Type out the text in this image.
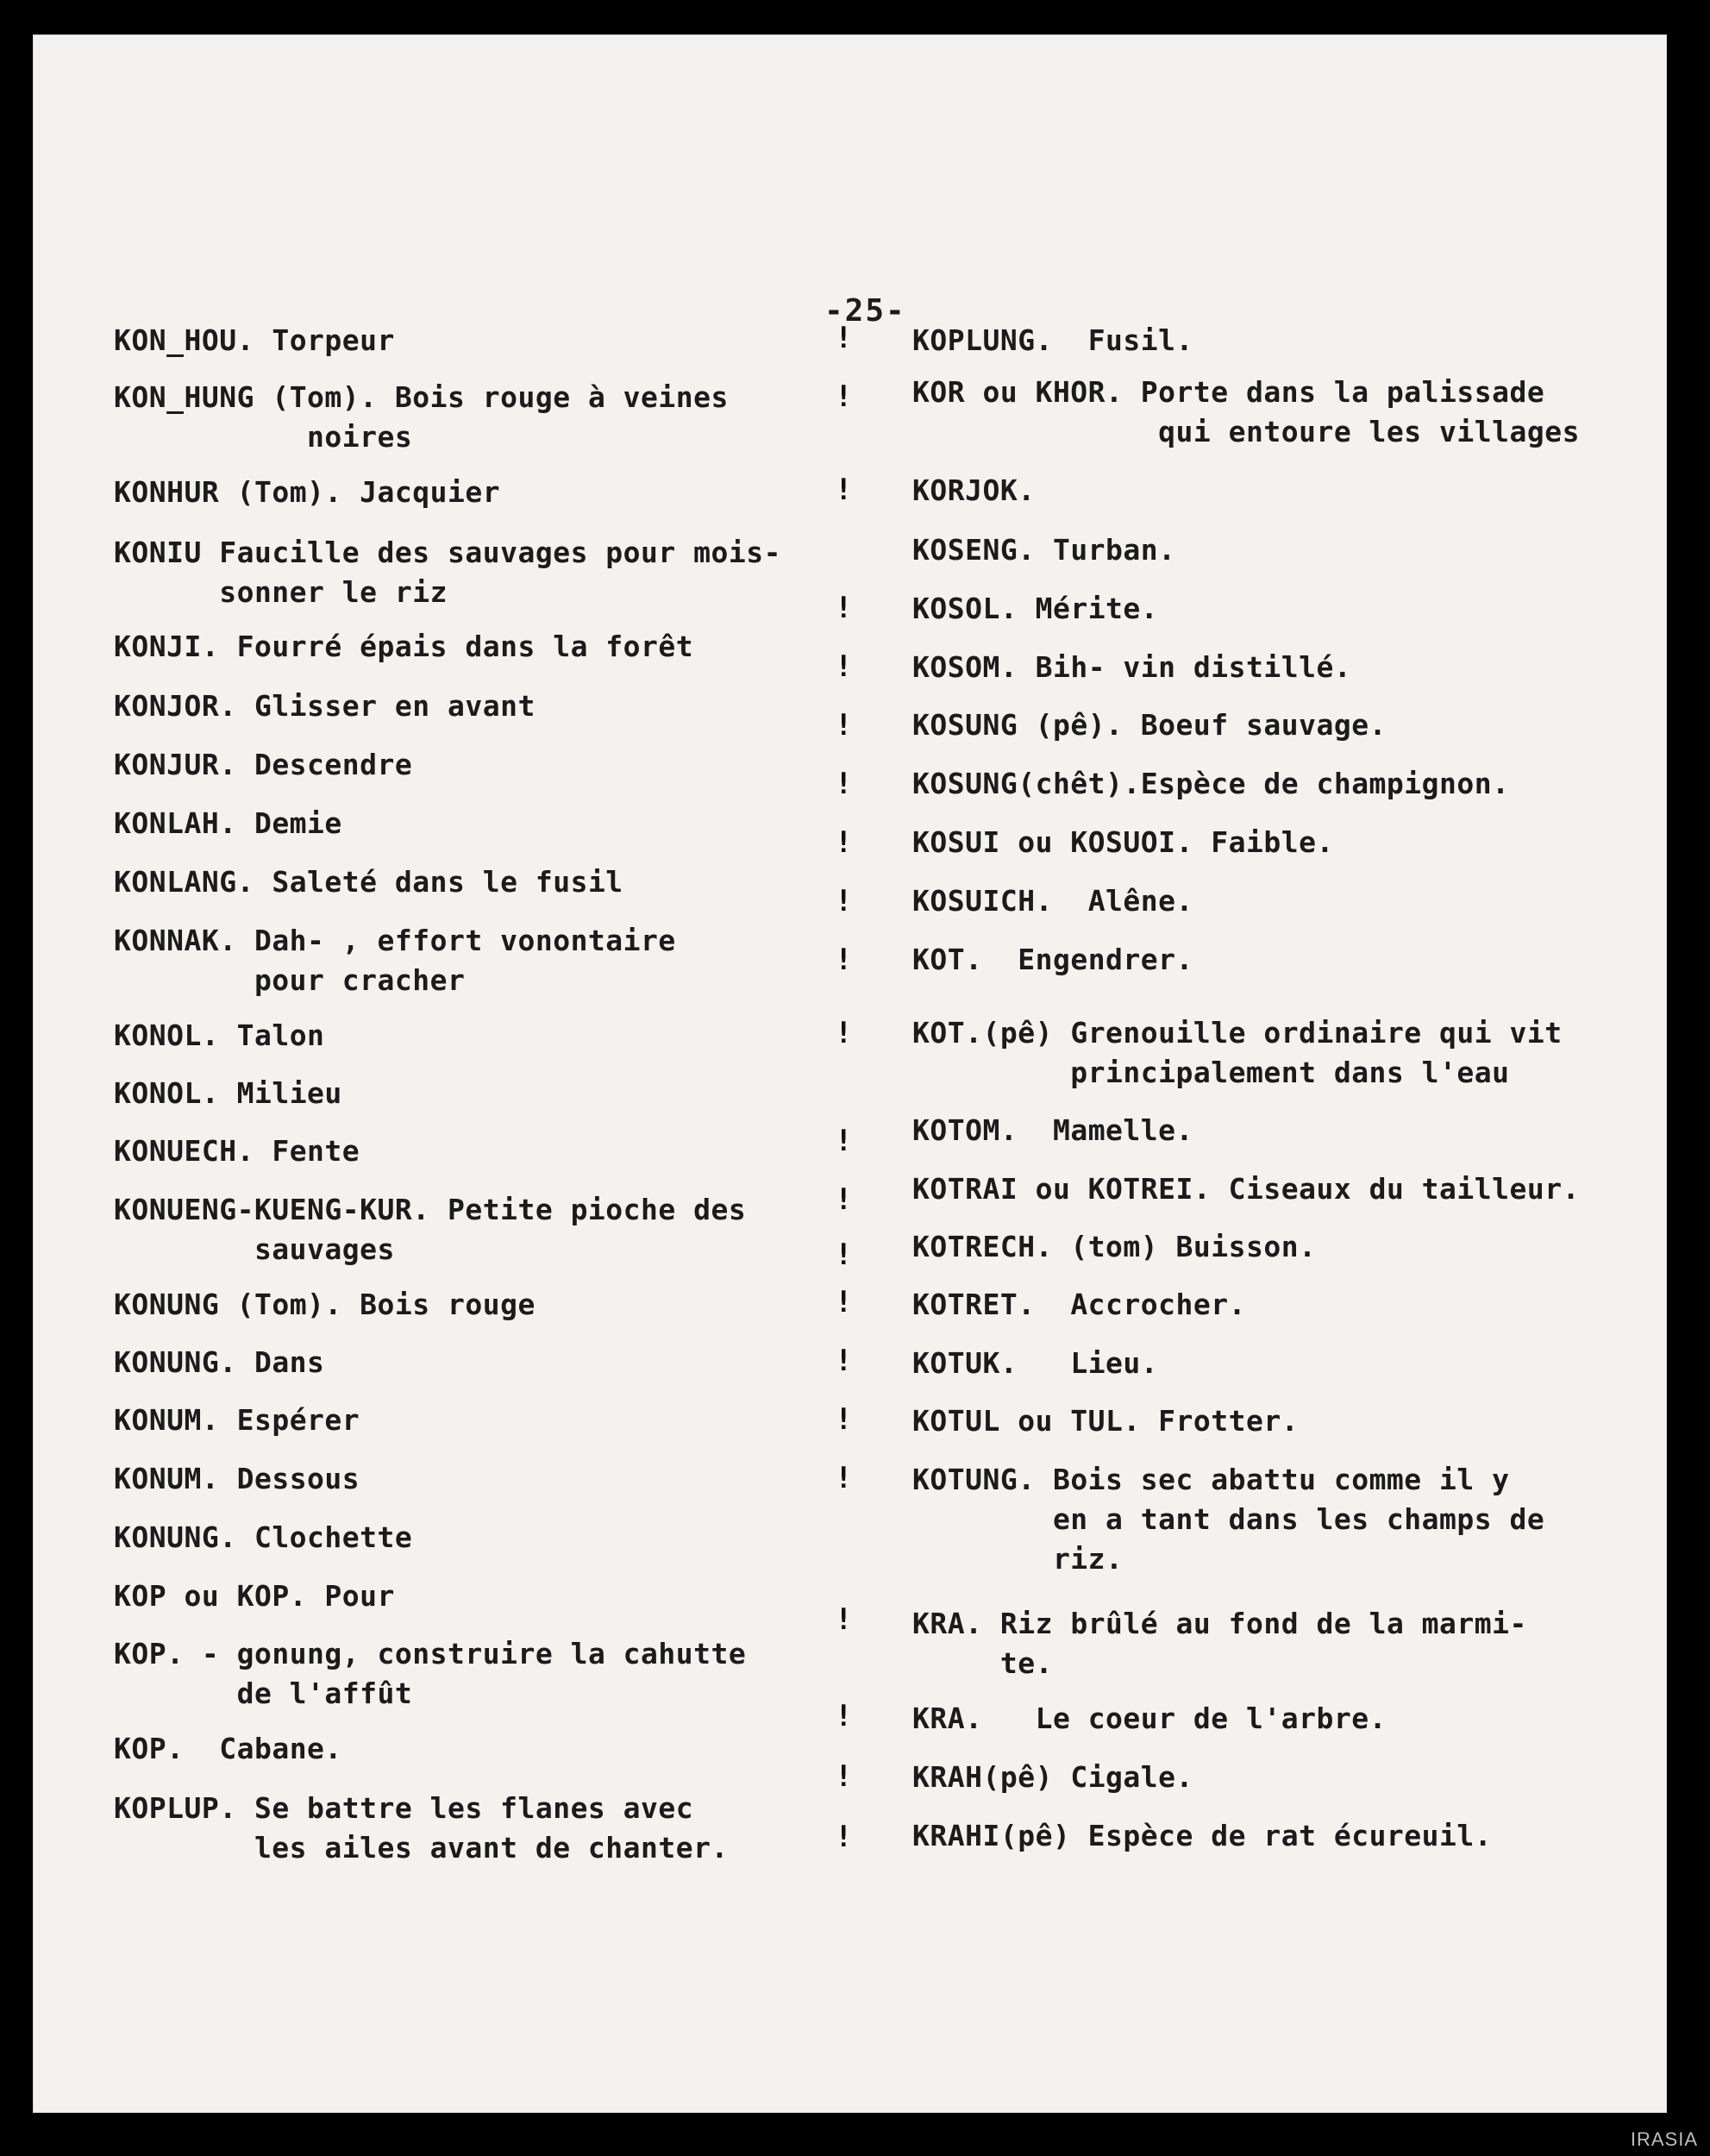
-25-
KON_HOU. Torpeur
KON_HUNG (Tom). Bois rouge à veines
noires
KONHUR (Tom). Jacquier
KONIU Faucille des sauvages pour mois-
sonner le riz
KONJI. Fourré épais dans la forêt
KONJOR. Glisser en avant
KONJUR. Descendre
KONLAH. Demie
KONLANG. Saleté dans le fusil
KONNAK. Dah- , effort vonontaire
pour cracher
KONOL. Talon
KONOL. Milieu
KONUECH. Fente
KONUENG-KUENG-KUR. Petite pioche des
sauvages
KONUNG (Tom). Bois rouge
KONUNG. Dans
KONUM. Espérer
KONUM. Dessous
KONUNG. Clochette
KOP ou KOP. Pour
KOP. - gonung, construire la cahutte
de l'affût
KOP.  Cabane.
KOPLUP. Se battre les flanes avec
les ailes avant de chanter.
KOPLUNG.  Fusil.
KOR ou KHOR. Porte dans la palissade
qui entoure les villages
KORJOK.
KOSENG. Turban.
KOSOL. Mérite.
KOSOM. Bih- vin distillé.
KOSUNG (pê). Boeuf sauvage.
KOSUNG(chêt).Espèce de champignon.
KOSUI ou KOSUOI. Faible.
KOSUICH.  Alêne.
KOT.  Engendrer.
KOT.(pê) Grenouille ordinaire qui vit
principalement dans l'eau
KOTOM.  Mamelle.
KOTRAI ou KOTREI. Ciseaux du tailleur.
KOTRECH. (tom) Buisson.
KOTRET.  Accrocher.
KOTUK.   Lieu.
KOTUL ou TUL. Frotter.
KOTUNG. Bois sec abattu comme il y
en a tant dans les champs de
riz.
KRA. Riz brûlé au fond de la marmi-
te.
KRA.   Le coeur de l'arbre.
KRAH(pê) Cigale.
KRAHI(pê) Espèce de rat écureuil.
!
!
!
!
!
!
!
!
!
!
!
!
!
!
!
!
!
!
!
!
!
!
IRASIA
